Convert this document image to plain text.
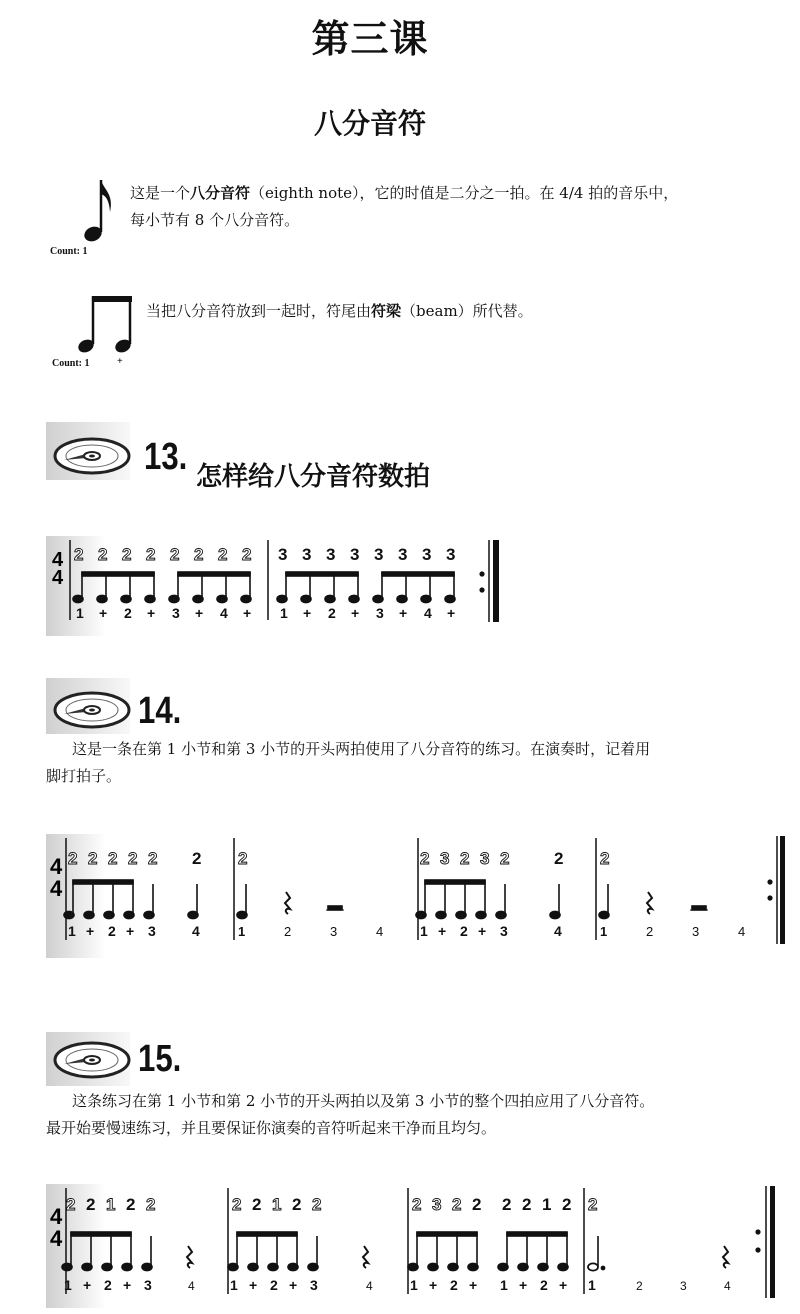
第三课
八分音符
Count: 1
这是一个八分音符（eighth note），它的时值是二分之一拍。在 4/4 拍的音乐中，
每小节有 8 个八分音符。
Count: 1	+
当把八分音符放到一起时，符尾由符梁（beam）所代替。
13. 怎样给八分音符数拍
4
4
2 2 2 2 2 2 2 2
1 + 2 + 3 + 4 +
3 3 3 3 3 3 3 3
1 + 2 + 3 + 4 +
14.
这是一条在第 1 小节和第 3 小节的开头两拍使用了八分音符的练习。在演奏时，记着用
脚打拍子。
4
4
2 2 2 2 2 2
1 + 2 + 3	4
2
1	2	3	4
2 3 2 3 2	2
1 + 2 + 3	4
2
1	2	3	4
15.
这条练习在第 1 小节和第 2 小节的开头两拍以及第 3 小节的整个四拍应用了八分音符。
最开始要慢速练习，并且要保证你演奏的音符听起来干净而且均匀。
4
4
2 2 1 2 2
1 + 2 + 3	4
2 2 1 2 2
1 + 2 + 3	4
2 3 2 2 2 2 1 2
1 + 2 + 1 + 2 +
2
1	2	3	4
